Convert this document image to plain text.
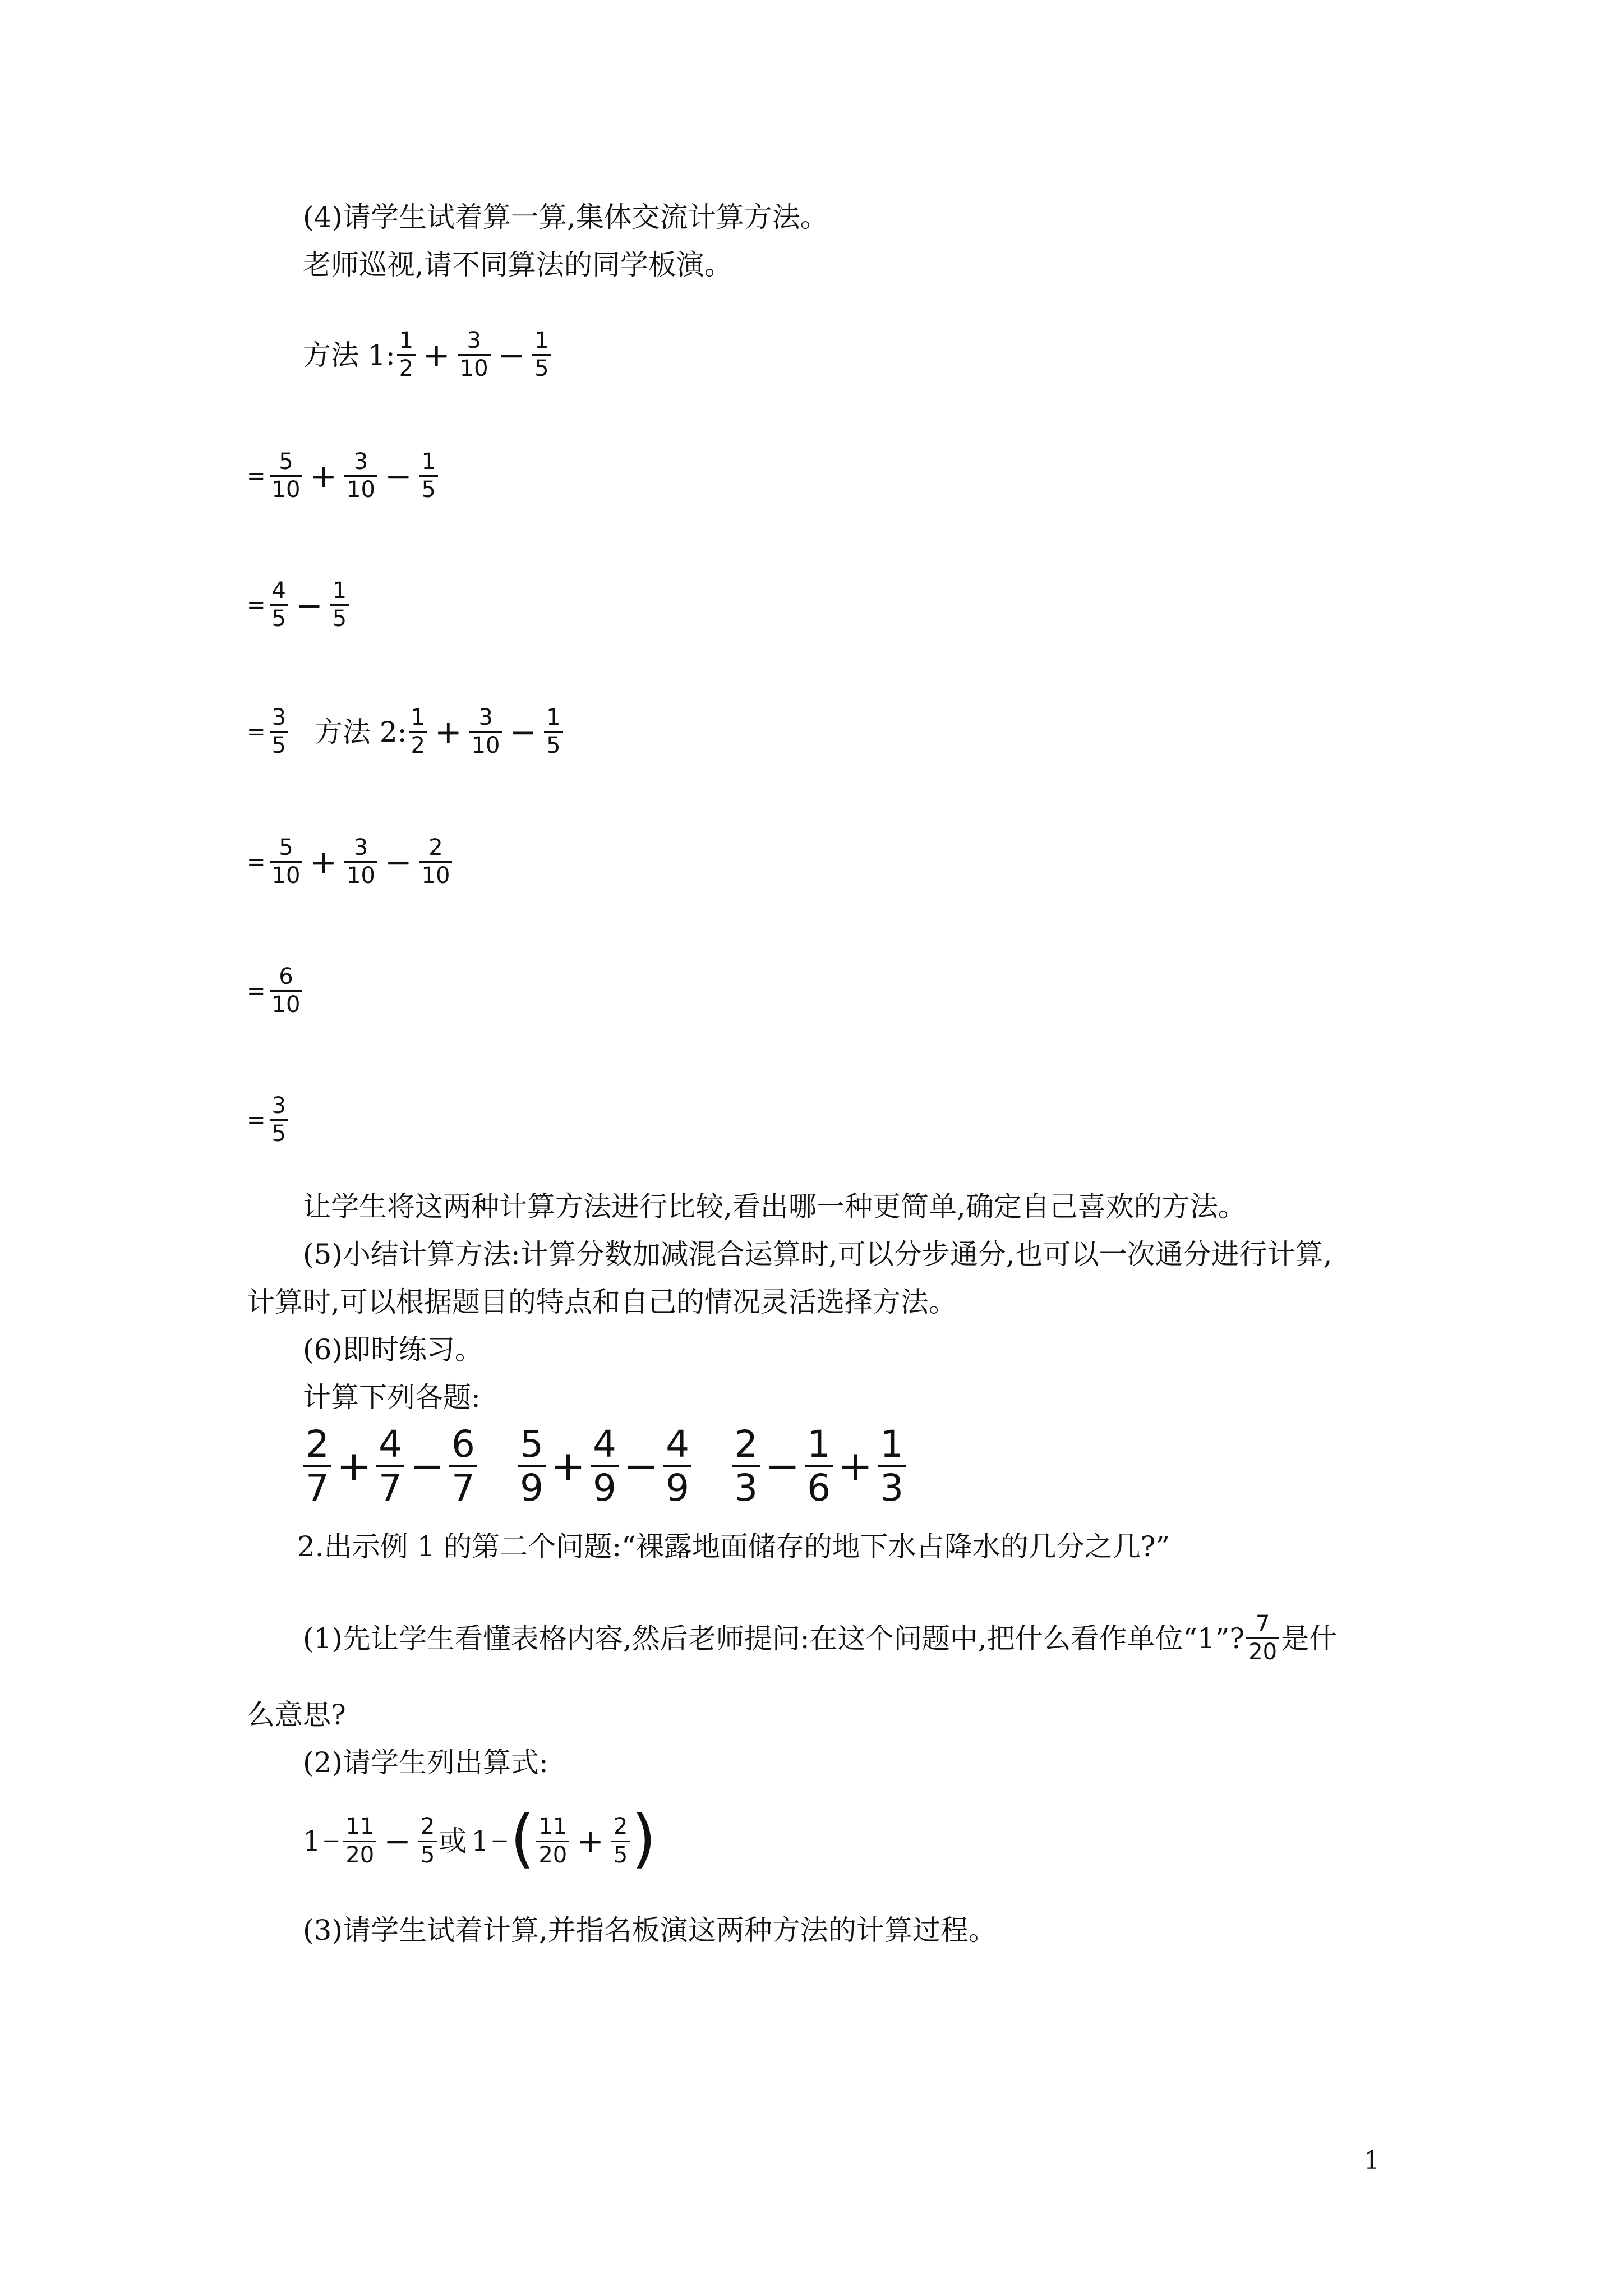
(4)请学生试着算一算,集体交流计算方法。
老师巡视,请不同算法的同学板演。
方法 1: $\frac{1}{2} + \frac{3}{10} - \frac{1}{5}$
= $\frac{5}{10} + \frac{3}{10} - \frac{1}{5}$
= $\frac{4}{5} - \frac{1}{5}$
= $\frac{3}{5}$ 方法 2: $\frac{1}{2} + \frac{3}{10} - \frac{1}{5}$
= $\frac{5}{10} + \frac{3}{10} - \frac{2}{10}$
= $\frac{6}{10}$
= $\frac{3}{5}$
让学生将这两种计算方法进行比较,看出哪一种更简单,确定自己喜欢的方法。
(5)小结计算方法:计算分数加减混合运算时,可以分步通分,也可以一次通分进行计算,
计算时,可以根据题目的特点和自己的情况灵活选择方法。
(6)即时练习。
计算下列各题:
$\frac{2}{7} + \frac{4}{7} - \frac{6}{7} \frac{5}{9} + \frac{4}{9} - \frac{4}{9} \frac{2}{3} - \frac{1}{6} + \frac{1}{3}$
2.出示例 1 的第二个问题:“裸露地面储存的地下水占降水的几分之几?”
(1)先让学生看懂表格内容,然后老师提问:在这个问题中,把什么看作单位“1”? $\frac{7}{20}$ 是什
么意思?
(2)请学生列出算式:
$1 - \frac{11}{20} - \frac{2}{5}$ 或 1 − ( $\frac{11}{20} + \frac{2}{5}$ )
(3)请学生试着计算,并指名板演这两种方法的计算过程。
1
